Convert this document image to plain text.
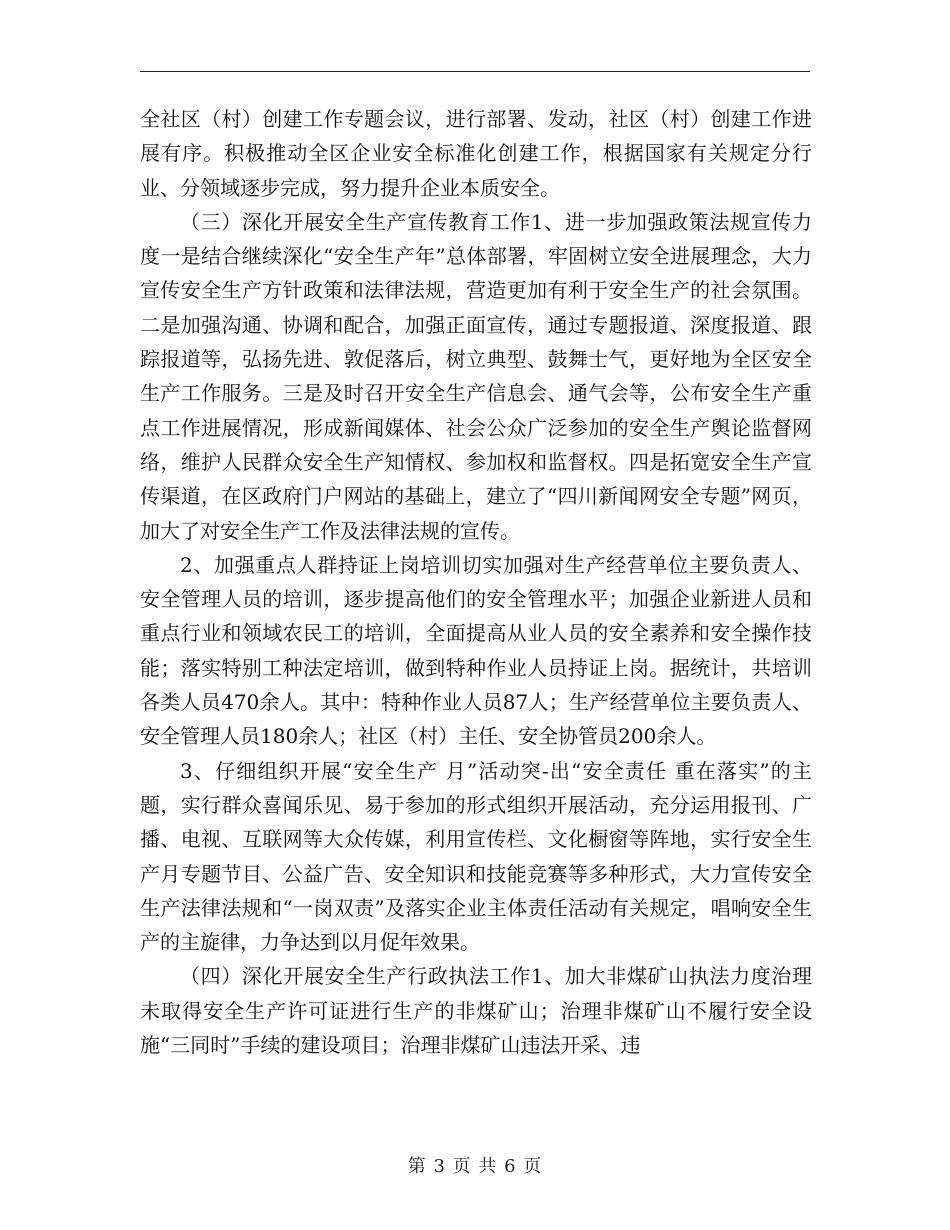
全社区（村）创建工作专题会议，进行部署、发动，社区（村）创建工作进展有序。积极推动全区企业安全标准化创建工作，根据国家有关规定分行业、分领域逐步完成，努力提升企业本质安全。

（三）深化开展安全生产宣传教育工作1、进一步加强政策法规宣传力度一是结合继续深化“安全生产年”总体部署，牢固树立安全进展理念，大力宣传安全生产方针政策和法律法规，营造更加有利于安全生产的社会氛围。二是加强沟通、协调和配合，加强正面宣传，通过专题报道、深度报道、跟踪报道等，弘扬先进、敦促落后，树立典型、鼓舞士气，更好地为全区安全生产工作服务。三是及时召开安全生产信息会、通气会等，公布安全生产重点工作进展情况，形成新闻媒体、社会公众广泛参加的安全生产舆论监督网络，维护人民群众安全生产知情权、参加权和监督权。四是拓宽安全生产宣传渠道，在区政府门户网站的基础上，建立了“四川新闻网安全专题”网页，加大了对安全生产工作及法律法规的宣传。

2、加强重点人群持证上岗培训切实加强对生产经营单位主要负责人、安全管理人员的培训，逐步提高他们的安全管理水平；加强企业新进人员和重点行业和领域农民工的培训，全面提高从业人员的安全素养和安全操作技能；落实特别工种法定培训，做到特种作业人员持证上岗。据统计，共培训各类人员470余人。其中：特种作业人员87人；生产经营单位主要负责人、安全管理人员180余人；社区（村）主任、安全协管员200余人。

3、仔细组织开展“安全生产 月”活动突-出“安全责任 重在落实”的主题，实行群众喜闻乐见、易于参加的形式组织开展活动，充分运用报刊、广播、电视、互联网等大众传媒，利用宣传栏、文化橱窗等阵地，实行安全生产月专题节目、公益广告、安全知识和技能竞赛等多种形式，大力宣传安全生产法律法规和“一岗双责”及落实企业主体责任活动有关规定，唱响安全生产的主旋律，力争达到以月促年效果。

（四）深化开展安全生产行政执法工作1、加大非煤矿山执法力度治理未取得安全生产许可证进行生产的非煤矿山；治理非煤矿山不履行安全设施“三同时”手续的建设项目；治理非煤矿山违法开采、违

第 3 页 共 6 页
